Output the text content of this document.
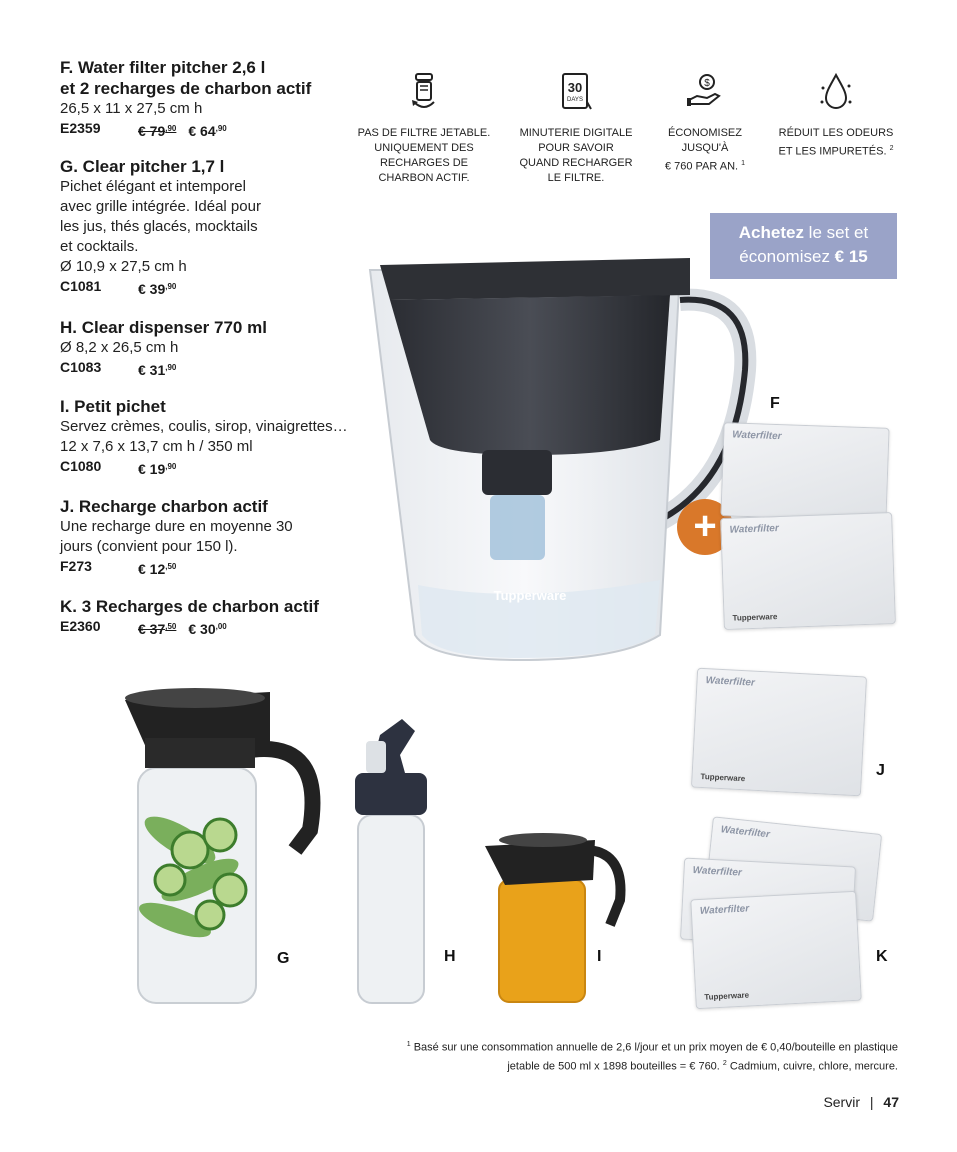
F. Water filter pitcher 2,6 l
et 2 recharges de charbon actif
26,5 x 11 x 27,5 cm h
E2359	€ $79^{,90}$ € $64^{,90}$
G. Clear pitcher 1,7 l
Pichet élégant et intemporel
avec grille intégrée. Idéal pour
les jus, thés glacés, mocktails
et cocktails.
Ø 10,9 x 27,5 cm h
C1081	€ $39^{,90}$
H. Clear dispenser 770 ml
Ø 8,2 x 26,5 cm h
C1083	€ $31^{,90}$
I. Petit pichet
Servez crèmes, coulis, sirop, vinaigrettes…
12 x 7,6 x 13,7 cm h / 350 ml
C1080	€ $19^{,90}$
J. Recharge charbon actif
Une recharge dure en moyenne 30
jours (convient pour 150 l).
F273	€ $12^{,50}$
K. 3 Recharges de charbon actif
E2360	€ $37^{,50}$ € $30^{,00}$
PAS DE FILTRE JETABLE.
UNIQUEMENT DES
RECHARGES DE
CHARBON ACTIF.
30
DAYS
MINUTERIE DIGITALE
POUR SAVOIR
QUAND RECHARGER
LE FILTRE.
$
ÉCONOMISEZ
JUSQU'À
€ 760 PAR AN. $^1$
RÉDUIT LES ODEURS
ET LES IMPURETÉS. $^2$
Achetez le set et
économisez € 15
Tupperware
+
Waterfilter
Waterfilter
Tupperware
Waterfilter
Tupperware
Waterfilter
Waterfilter
Waterfilter
Tupperware
F
G	H	I
J
K
$^1$ Basé sur une consommation annuelle de 2,6 l/jour et un prix moyen de € 0,40/bouteille en plastique
jetable de 500 ml x 1898 bouteilles = € 760. $^2$ Cadmium, cuivre, chlore, mercure.
Servir | 47
